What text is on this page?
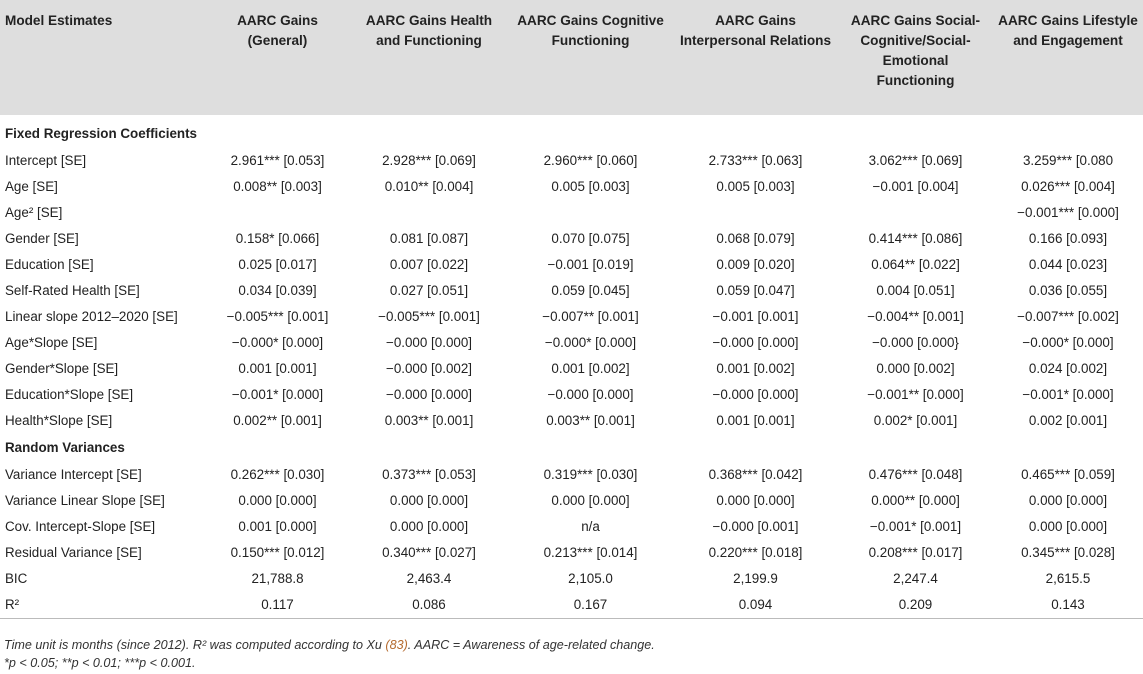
Model Estimates	AARC Gains (General)	AARC Gains Health and Functioning	AARC Gains Cognitive Functioning	AARC Gains Interpersonal Relations	AARC Gains Social-Cognitive/Social-Emotional Functioning	AARC Gains Lifestyle and Engagement
Fixed Regression Coefficients						
Intercept [SE]	2.961*** [0.053]	2.928*** [0.069]	2.960*** [0.060]	2.733*** [0.063]	3.062*** [0.069]	3.259*** [0.080
Age [SE]	0.008** [0.003]	0.010** [0.004]	0.005 [0.003]	0.005 [0.003]	−0.001 [0.004]	0.026*** [0.004]
Age² [SE]						−0.001*** [0.000]
Gender [SE]	0.158* [0.066]	0.081 [0.087]	0.070 [0.075]	0.068 [0.079]	0.414*** [0.086]	0.166 [0.093]
Education [SE]	0.025 [0.017]	0.007 [0.022]	−0.001 [0.019]	0.009 [0.020]	0.064** [0.022]	0.044 [0.023]
Self-Rated Health [SE]	0.034 [0.039]	0.027 [0.051]	0.059 [0.045]	0.059 [0.047]	0.004 [0.051]	0.036 [0.055]
Linear slope 2012–2020 [SE]	−0.005*** [0.001]	−0.005*** [0.001]	−0.007** [0.001]	−0.001 [0.001]	−0.004** [0.001]	−0.007*** [0.002]
Age*Slope [SE]	−0.000* [0.000]	−0.000 [0.000]	−0.000* [0.000]	−0.000 [0.000]	−0.000 [0.000}	−0.000* [0.000]
Gender*Slope [SE]	0.001 [0.001]	−0.000 [0.002]	0.001 [0.002]	0.001 [0.002]	0.000 [0.002]	0.024 [0.002]
Education*Slope [SE]	−0.001* [0.000]	−0.000 [0.000]	−0.000 [0.000]	−0.000 [0.000]	−0.001** [0.000]	−0.001* [0.000]
Health*Slope [SE]	0.002** [0.001]	0.003** [0.001]	0.003** [0.001]	0.001 [0.001]	0.002* [0.001]	0.002 [0.001]
Random Variances						
Variance Intercept [SE]	0.262*** [0.030]	0.373*** [0.053]	0.319*** [0.030]	0.368*** [0.042]	0.476*** [0.048]	0.465*** [0.059]
Variance Linear Slope [SE]	0.000 [0.000]	0.000 [0.000]	0.000 [0.000]	0.000 [0.000]	0.000** [0.000]	0.000 [0.000]
Cov. Intercept-Slope [SE]	0.001 [0.000]	0.000 [0.000]	n/a	−0.000 [0.001]	−0.001* [0.001]	0.000 [0.000]
Residual Variance [SE]	0.150*** [0.012]	0.340*** [0.027]	0.213*** [0.014]	0.220*** [0.018]	0.208*** [0.017]	0.345*** [0.028]
BIC	21,788.8	2,463.4	2,105.0	2,199.9	2,247.4	2,615.5
R²	0.117	0.086	0.167	0.094	0.209	0.143
Time unit is months (since 2012). R² was computed according to Xu (83). AARC = Awareness of age-related change.
*p < 0.05; **p < 0.01; ***p < 0.001.
